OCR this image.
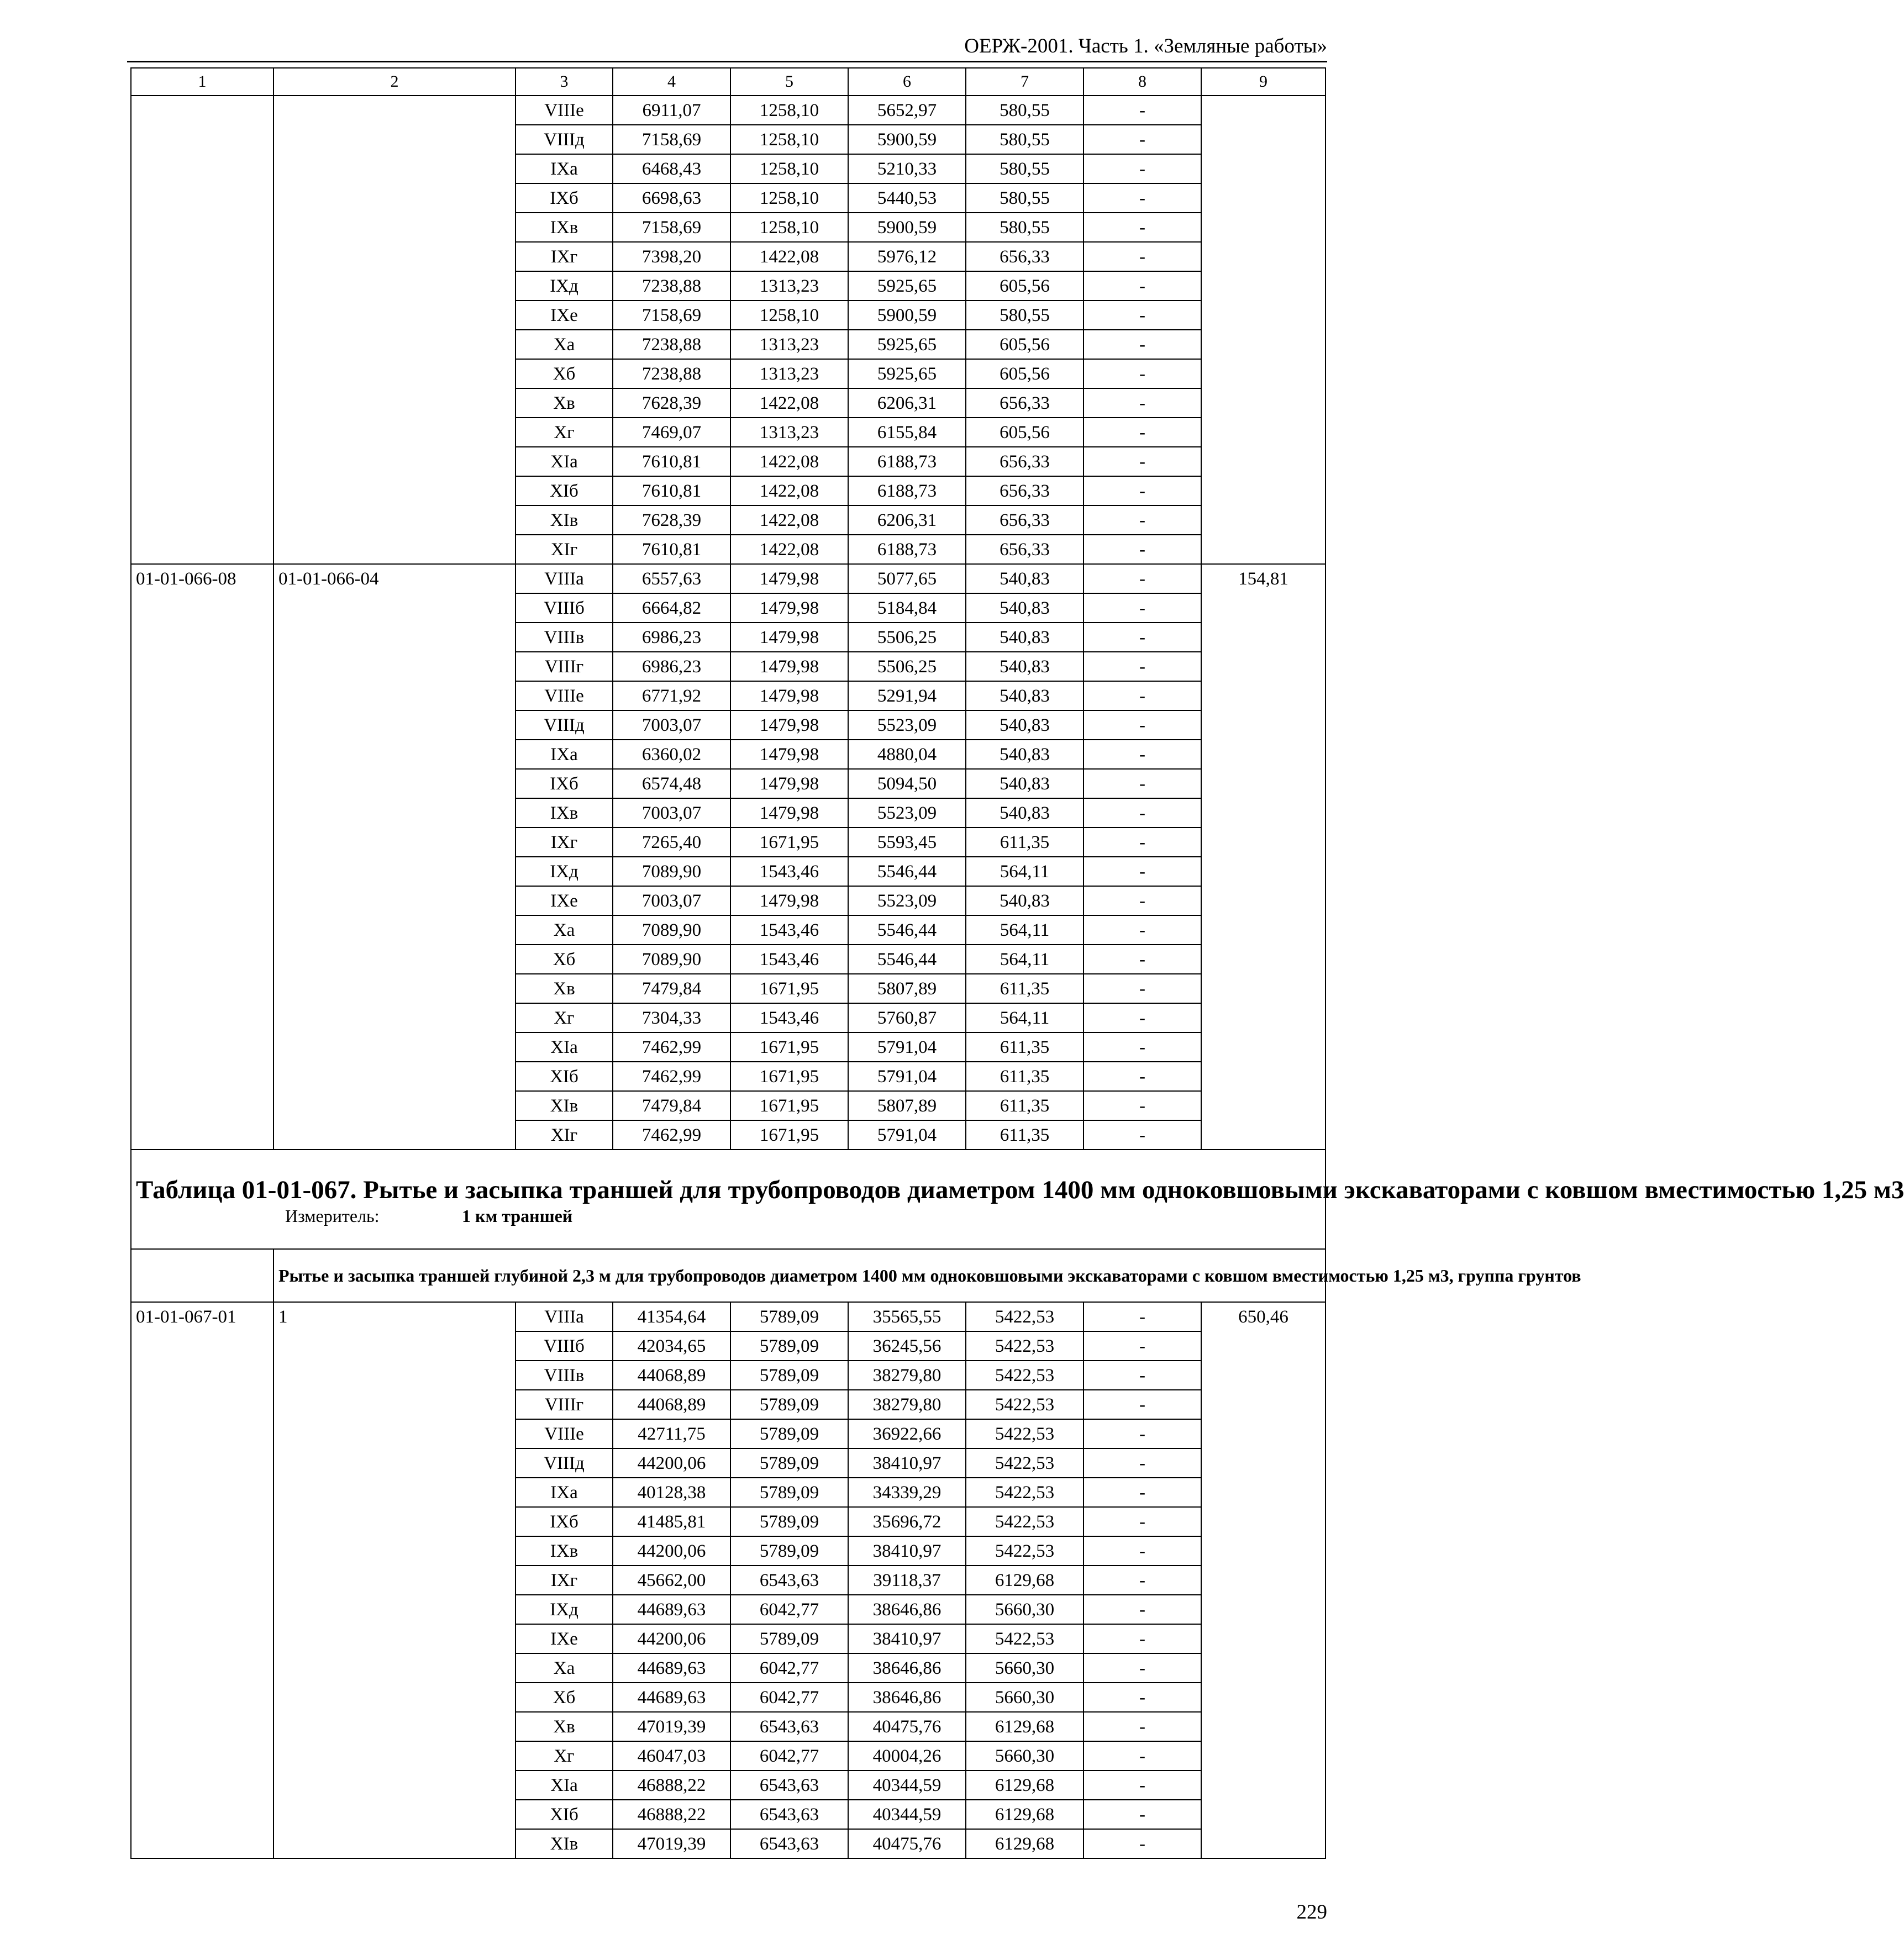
ОЕРЖ-2001. Часть 1. «Земляные работы»
1	2	3	4	5	6	7	8	9
		VIIIе	6911,07	1258,10	5652,97	580,55	-	
		VIIIд	7158,69	1258,10	5900,59	580,55	-	
		IXа	6468,43	1258,10	5210,33	580,55	-	
		IXб	6698,63	1258,10	5440,53	580,55	-	
		IXв	7158,69	1258,10	5900,59	580,55	-	
		IXг	7398,20	1422,08	5976,12	656,33	-	
		IXд	7238,88	1313,23	5925,65	605,56	-	
		IXе	7158,69	1258,10	5900,59	580,55	-	
		Xа	7238,88	1313,23	5925,65	605,56	-	
		Xб	7238,88	1313,23	5925,65	605,56	-	
		Xв	7628,39	1422,08	6206,31	656,33	-	
		Xг	7469,07	1313,23	6155,84	605,56	-	
		XIа	7610,81	1422,08	6188,73	656,33	-	
		XIб	7610,81	1422,08	6188,73	656,33	-	
		XIв	7628,39	1422,08	6206,31	656,33	-	
		XIг	7610,81	1422,08	6188,73	656,33	-	
01-01-066-08	01-01-066-04	VIIIа	6557,63	1479,98	5077,65	540,83	-	154,81
		VIIIб	6664,82	1479,98	5184,84	540,83	-	
		VIIIв	6986,23	1479,98	5506,25	540,83	-	
		VIIIг	6986,23	1479,98	5506,25	540,83	-	
		VIIIе	6771,92	1479,98	5291,94	540,83	-	
		VIIIд	7003,07	1479,98	5523,09	540,83	-	
		IXа	6360,02	1479,98	4880,04	540,83	-	
		IXб	6574,48	1479,98	5094,50	540,83	-	
		IXв	7003,07	1479,98	5523,09	540,83	-	
		IXг	7265,40	1671,95	5593,45	611,35	-	
		IXд	7089,90	1543,46	5546,44	564,11	-	
		IXе	7003,07	1479,98	5523,09	540,83	-	
		Xа	7089,90	1543,46	5546,44	564,11	-	
		Xб	7089,90	1543,46	5546,44	564,11	-	
		Xв	7479,84	1671,95	5807,89	611,35	-	
		Xг	7304,33	1543,46	5760,87	564,11	-	
		XIа	7462,99	1671,95	5791,04	611,35	-	
		XIб	7462,99	1671,95	5791,04	611,35	-	
		XIв	7479,84	1671,95	5807,89	611,35	-	
		XIг	7462,99	1671,95	5791,04	611,35	-	

Таблица 01-01-067. Рытье и засыпка траншей для трубопроводов диаметром 1400 мм одноковшовыми экскаваторами с ковшом вместимостью 1,25 м3
Измеритель: 1 км траншей								

	Рытье и засыпка траншей глубиной 2,3 м для трубопроводов диаметром 1400 мм одноковшовыми экскаваторами с ковшом вместимостью 1,25 м3, группа грунтов							
01-01-067-01	1	VIIIа	41354,64	5789,09	35565,55	5422,53	-	650,46
		VIIIб	42034,65	5789,09	36245,56	5422,53	-	
		VIIIв	44068,89	5789,09	38279,80	5422,53	-	
		VIIIг	44068,89	5789,09	38279,80	5422,53	-	
		VIIIе	42711,75	5789,09	36922,66	5422,53	-	
		VIIIд	44200,06	5789,09	38410,97	5422,53	-	
		IXа	40128,38	5789,09	34339,29	5422,53	-	
		IXб	41485,81	5789,09	35696,72	5422,53	-	
		IXв	44200,06	5789,09	38410,97	5422,53	-	
		IXг	45662,00	6543,63	39118,37	6129,68	-	
		IXд	44689,63	6042,77	38646,86	5660,30	-	
		IXе	44200,06	5789,09	38410,97	5422,53	-	
		Xа	44689,63	6042,77	38646,86	5660,30	-	
		Xб	44689,63	6042,77	38646,86	5660,30	-	
		Xв	47019,39	6543,63	40475,76	6129,68	-	
		Xг	46047,03	6042,77	40004,26	5660,30	-	
		XIа	46888,22	6543,63	40344,59	6129,68	-	
		XIб	46888,22	6543,63	40344,59	6129,68	-	
		XIв	47019,39	6543,63	40475,76	6129,68	-	
229
